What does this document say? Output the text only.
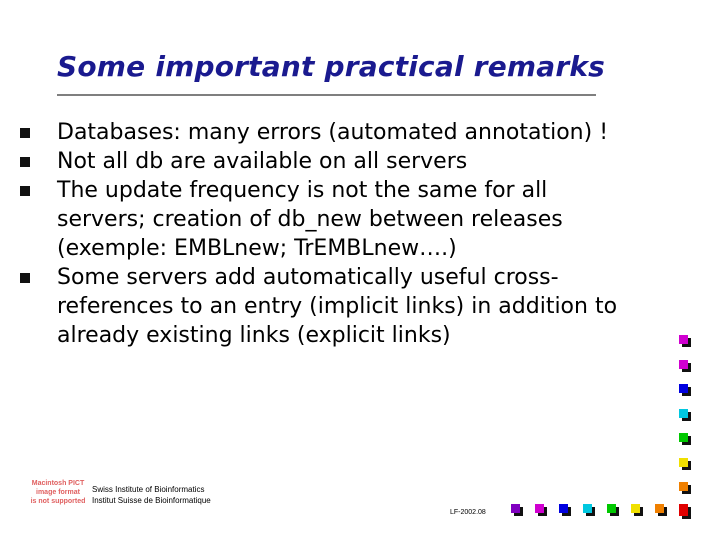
Some important practical remarks
Databases: many errors (automated annotation) !
Not all db are available on all servers
The update frequency is not the same for all
servers; creation of db_new between releases
(exemple: EMBLnew; TrEMBLnew….)
Some servers add automatically useful cross-
references to an entry (implicit links) in addition to
already existing links (explicit links)
Macintosh PICT
image format
is not supported
Swiss Institute of Bioinformatics
Institut Suisse de Bioinformatique
LF-2002.08
